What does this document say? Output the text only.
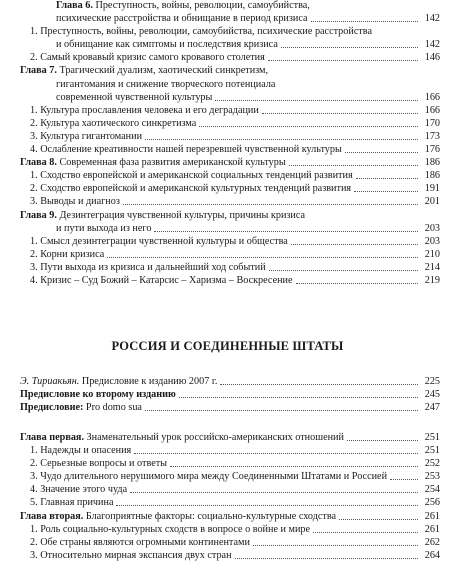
Глава 6. Преступность, войны, революции, самоубийства,
психические расстройства и обнищание в период кризиса	142
1. Преступность, войны, революции, самоубийства, психические расстройства
и обнищание как симптомы и последствия кризиса	142
2. Самый кровавый кризис самого кровавого столетия	146
Глава 7. Трагический дуализм, хаотический синкретизм,
гигантомания и снижение творческого потенциала
современной чувственной культуры	166
1. Культура прославления человека и его деградации	166
2. Культура хаотического синкретизма	170
3. Культура гигантомании	173
4. Ослабление креативности нашей перезревшей чувственной культуры	176
Глава 8. Современная фаза развития американской культуры	186
1. Сходство европейской и американской социальных тенденций развития	186
2. Сходство европейской и американской культурных тенденций развития	191
3. Выводы и диагноз	201
Глава 9. Дезинтеграция чувственной культуры, причины кризиса
и пути выхода из него	203
1. Смысл дезинтеграции чувственной культуры и общества	203
2. Корни кризиса	210
3. Пути выхода из кризиса и дальнейший ход событий	214
4. Кризис – Суд Божий – Катарсис – Харизма – Воскресение	219
РОССИЯ И СОЕДИНЕННЫЕ ШТАТЫ
Э. Тириакьян. Предисловие к изданию 2007 г.	225
Предисловие ко второму изданию	245
Предисловие: Pro domo sua	247
Глава первая. Знаменательный урок российско-американских отношений	251
1. Надежды и опасения	251
2. Серьезные вопросы и ответы	252
3. Чудо длительного нерушимого мира между Соединенными Штатами и Россией	253
4. Значение этого чуда	254
5. Главная причина	256
Глава вторая. Благоприятные факторы: социально-культурные сходства	261
1. Роль социально-культурных сходств в вопросе о войне и мире	261
2. Обе страны являются огромными континентами	262
3. Относительно мирная экспансия двух стран	264
